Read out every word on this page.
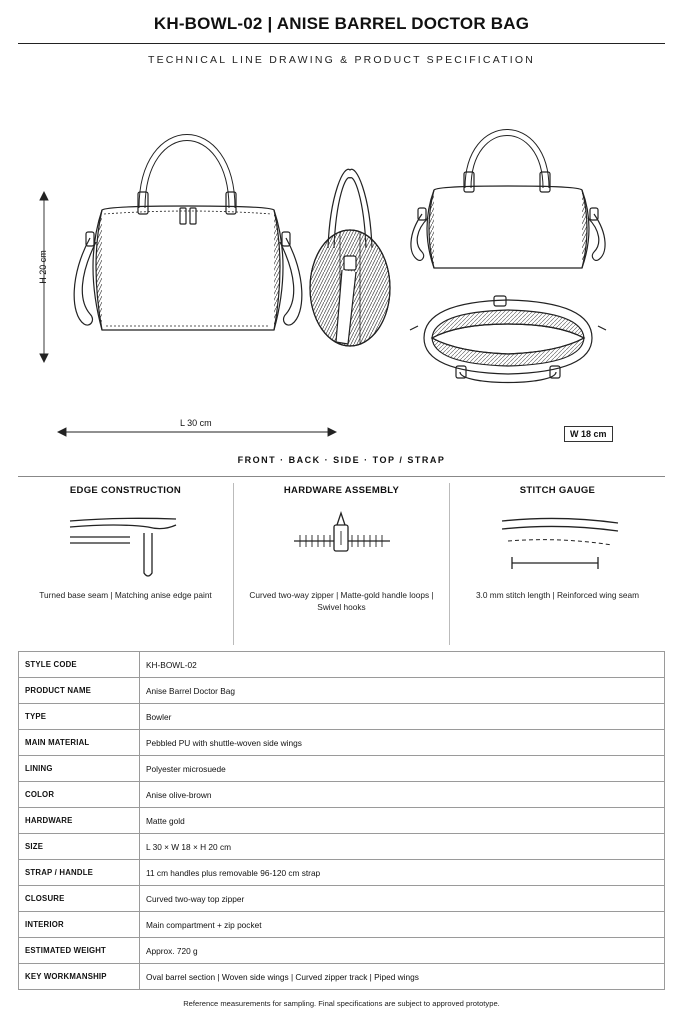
KH-BOWL-02 | ANISE BARREL DOCTOR BAG
TECHNICAL LINE DRAWING & PRODUCT SPECIFICATION
L 30 cm
H 20 cm
W 18 cm
FRONT · BACK · SIDE · TOP / STRAP
EDGE CONSTRUCTION

Turned base seam | Matching anise edge paint

HARDWARE ASSEMBLY

Curved two-way zipper | Matte-gold handle loops | Swivel hooks

STITCH GAUGE

3.0 mm stitch length | Reinforced wing seam

STYLE CODE	KH-BOWL-02
PRODUCT NAME	Anise Barrel Doctor Bag
TYPE	Bowler
MAIN MATERIAL	Pebbled PU with shuttle-woven side wings
LINING	Polyester microsuede
COLOR	Anise olive-brown
HARDWARE	Matte gold
SIZE	L 30 × W 18 × H 20 cm
STRAP / HANDLE	11 cm handles plus removable 96-120 cm strap
CLOSURE	Curved two-way top zipper
INTERIOR	Main compartment + zip pocket
ESTIMATED WEIGHT	Approx. 720 g
KEY WORKMANSHIP	Oval barrel section | Woven side wings | Curved zipper track | Piped wings
Reference measurements for sampling. Final specifications are subject to approved prototype.
